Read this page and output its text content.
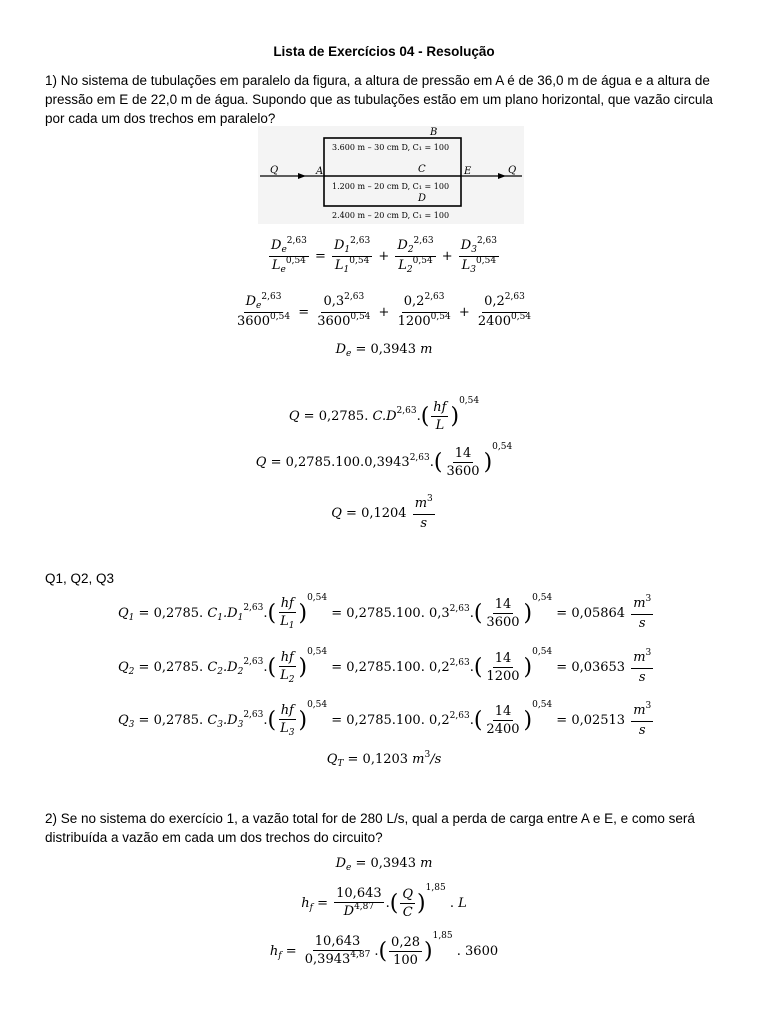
Lista de Exercícios 04 - Resolução
1) No sistema de tubulações em paralelo da figura, a altura de pressão em A é de 36,0 m de água e a altura de pressão em E de 22,0 m de água. Supondo que as tubulações estão em um plano horizontal, que vazão circula por cada um dos trechos em paralelo?
B
A	C
D
E
Q	Q
3.600 m – 30 cm D, C₁ = 100
1.200 m – 20 cm D, C₁ = 100
2.400 m – 20 cm D, C₁ = 100
$\frac{D_e^{2,63}}{L_e^{0,54}} = \frac{D_1^{2,63}}{L_1^{0,54}} + \frac{D_2^{2,63}}{L_2^{0,54}} + \frac{D_3^{2,63}}{L_3^{0,54}}$
$\frac{D_e^{2,63}}{3600^{0,54}} = \frac{0,3^{2,63}}{3600^{0,54}} + \frac{0,2^{2,63}}{1200^{0,54}} + \frac{0,2^{2,63}}{2400^{0,54}}$
$D_e = 0,3943$ m
Q = 0,2785. C.D 2,63 . ( $\frac{hf}{L}$ )
0,54
$Q = 0,2785.100.0,3943^{2,63}$. ( $\frac{14}{3600}$ )
0,54
$Q = 0,1204 \frac{m^3}{s}$
Q1, Q2, Q3
$Q_1 = 0,2785$. $C_1.D_1$
2,63 . ( $\frac{hf}{L_1}$ )
0,54
= 0,2785.100. 0,3$^{2,63}$. ( $\frac{14}{3600}$ )
0,54
= $0,05864 \frac{m^3}{s}$
$Q_2 = 0,2785$. $C_2.D_2$
2,63 . ( $\frac{hf}{L_2}$ )
0,54
= 0,2785.100. 0,2$^{2,63}$. ( $\frac{14}{1200}$ )
0,54
= $0,03653 \frac{m^3}{s}$
$Q_3 = 0,2785$. $C_3.D_3$
2,63 . ( $\frac{hf}{L_3}$ )
0,54
= 0,2785.100. 0,2$^{2,63}$. ( $\frac{14}{2400}$ )
0,54
= $0,02513 \frac{m^3}{s}$
$Q_T = 0,1203$ $m^3/s$
2) Se no sistema do exercício 1, a vazão total for de 280 L/s, qual a perda de carga entre A e E, e como será distribuída a vazão em cada um dos trechos do circuito?
$D_e = 0,3943$ m
$h_f = \frac{10,643}{D^{4,87}}$ . ( $\frac{Q}{C}$ )
1,85
. L
$h_f = \frac{10,643}{0,3943^{4,87}}$ . ( $\frac{0,28}{100}$ )
1,85
. 3600
